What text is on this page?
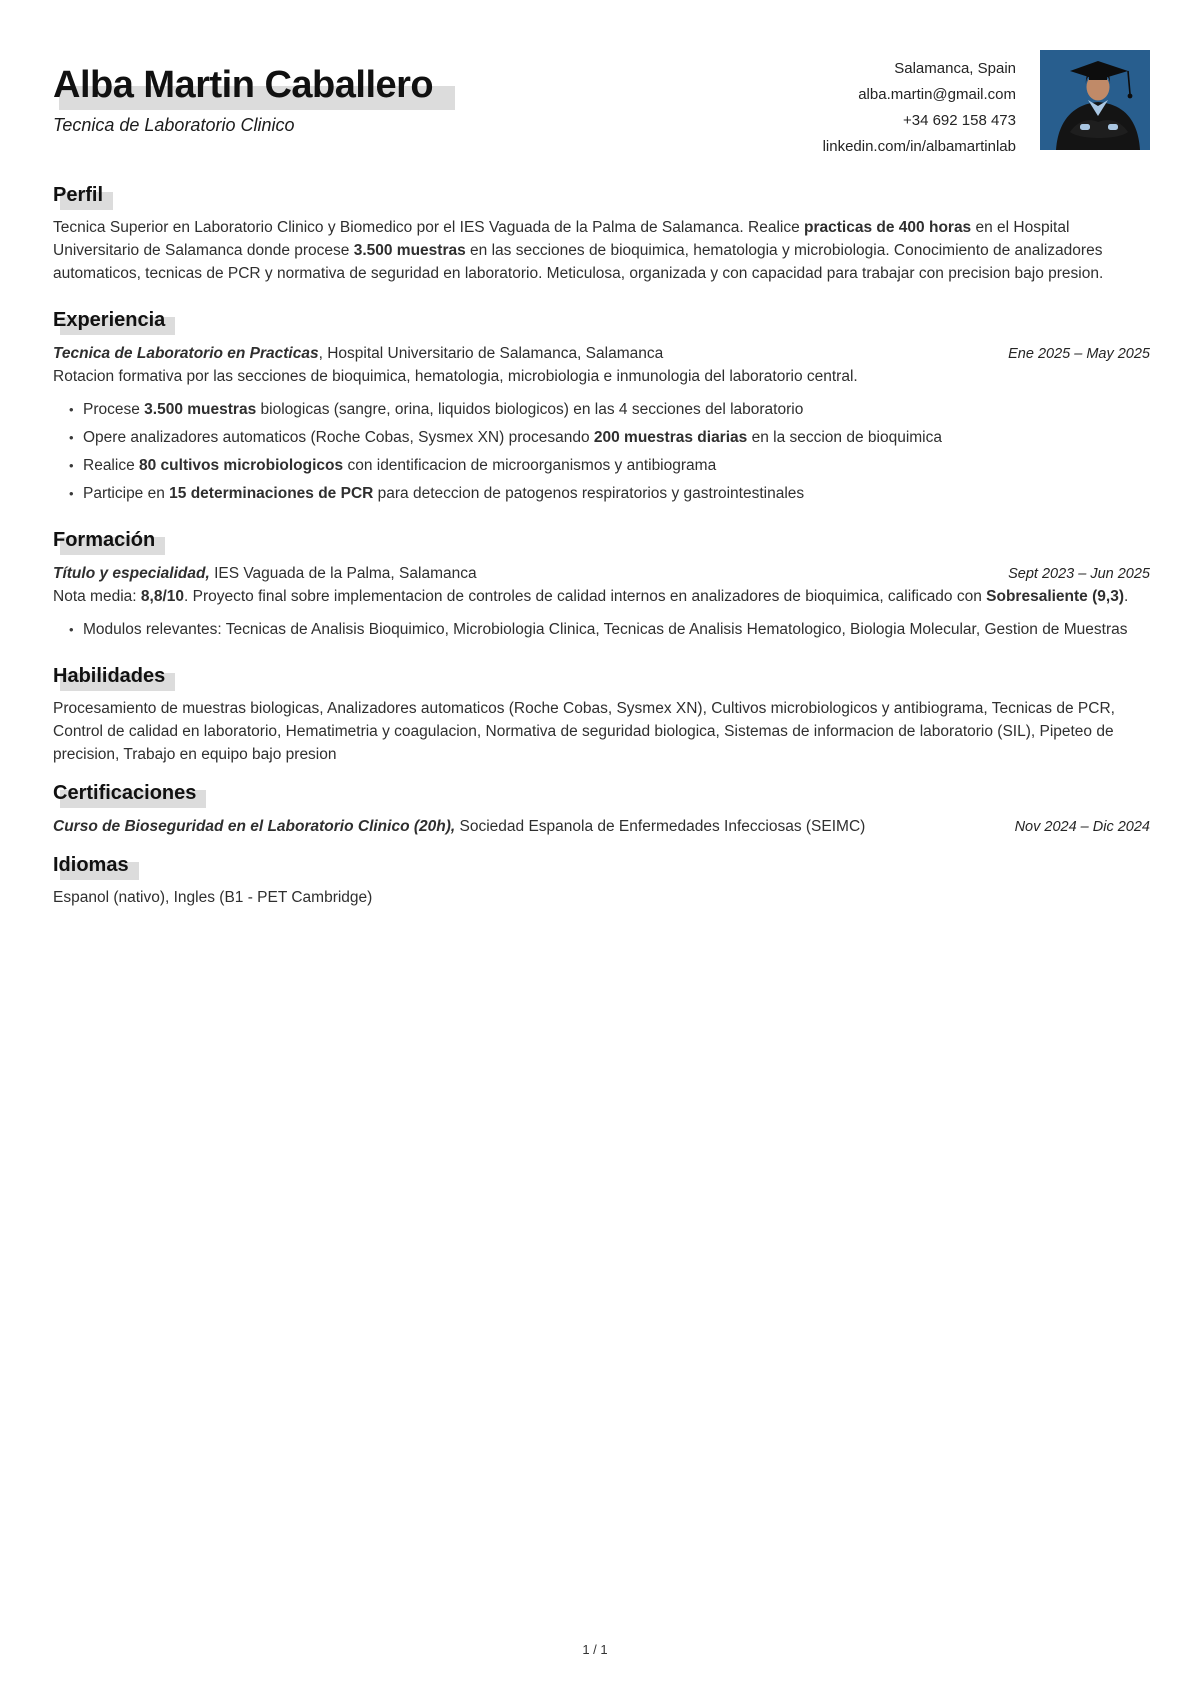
Alba Martin Caballero
Tecnica de Laboratorio Clinico
Salamanca, Spain
alba.martin@gmail.com
+34 692 158 473
linkedin.com/in/albamartinlab
Perfil

Tecnica Superior en Laboratorio Clinico y Biomedico por el IES Vaguada de la Palma de Salamanca. Realice practicas de 400 horas en el Hospital Universitario de Salamanca donde procese 3.500 muestras en las secciones de bioquimica, hematologia y microbiologia. Conocimiento de analizadores automaticos, tecnicas de PCR y normativa de seguridad en laboratorio. Meticulosa, organizada y con capacidad para trabajar con precision bajo presion.

Experiencia
Tecnica de Laboratorio en Practicas, Hospital Universitario de Salamanca, Salamanca	Ene 2025 – May 2025
Rotacion formativa por las secciones de bioquimica, hematologia, microbiologia e inmunologia del laboratorio central.
• Procese 3.500 muestras biologicas (sangre, orina, liquidos biologicos) en las 4 secciones del laboratorio
• Opere analizadores automaticos (Roche Cobas, Sysmex XN) procesando 200 muestras diarias en la seccion de bioquimica
• Realice 80 cultivos microbiologicos con identificacion de microorganismos y antibiograma
• Participe en 15 determinaciones de PCR para deteccion de patogenos respiratorios y gastrointestinales
Formación
Título y especialidad, IES Vaguada de la Palma, Salamanca	Sept 2023 – Jun 2025
Nota media: 8,8/10. Proyecto final sobre implementacion de controles de calidad internos en analizadores de bioquimica, calificado con Sobresaliente (9,3).
• Modulos relevantes: Tecnicas de Analisis Bioquimico, Microbiologia Clinica, Tecnicas de Analisis Hematologico, Biologia Molecular, Gestion de Muestras
Habilidades

Procesamiento de muestras biologicas, Analizadores automaticos (Roche Cobas, Sysmex XN), Cultivos microbiologicos y antibiograma, Tecnicas de PCR, Control de calidad en laboratorio, Hematimetria y coagulacion, Normativa de seguridad biologica, Sistemas de informacion de laboratorio (SIL), Pipeteo de precision, Trabajo en equipo bajo presion

Certificaciones
Curso de Bioseguridad en el Laboratorio Clinico (20h), Sociedad Espanola de Enfermedades Infecciosas (SEIMC)	Nov 2024 – Dic 2024
Idiomas

Espanol (nativo), Ingles (B1 - PET Cambridge)

1 / 1
